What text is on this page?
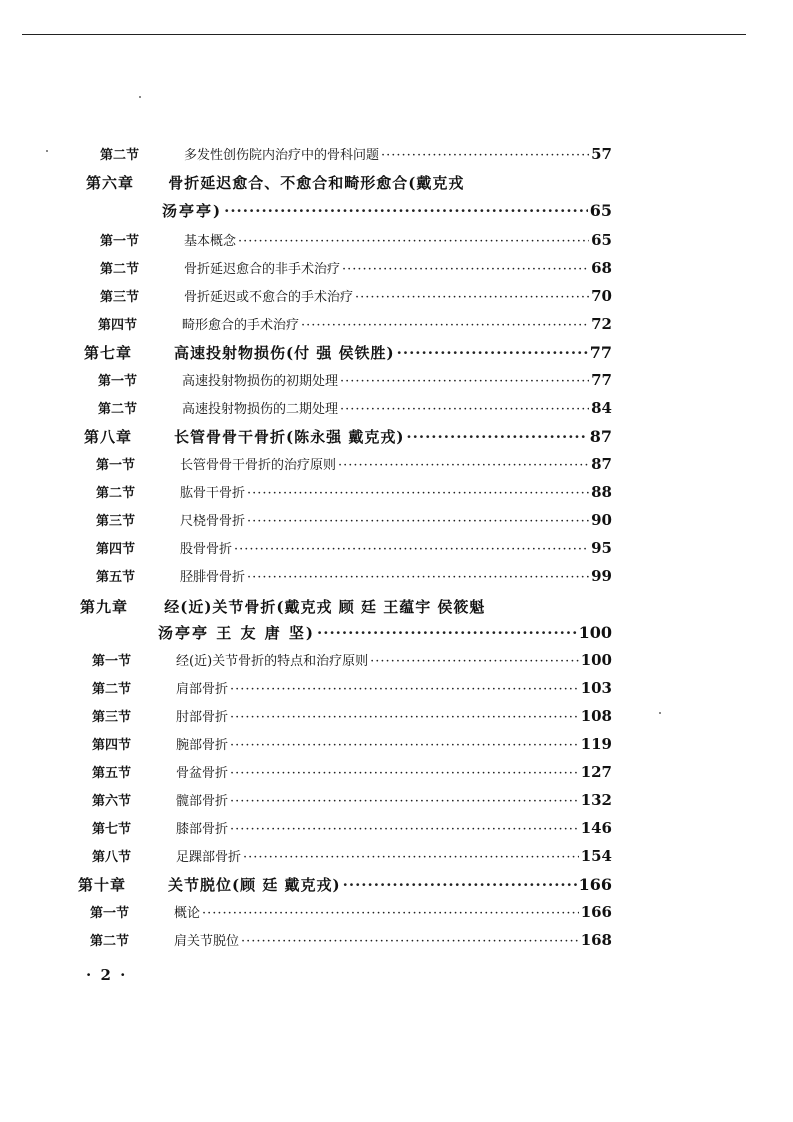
第二节	多发性创伤院内治疗中的骨科问题 ·····	57
第六章 骨折延迟愈合、不愈合和畸形愈合(戴克戎
汤亭亭) ·····	65
第一节	基本概念 ·····	65
第二节	骨折延迟愈合的非手术治疗 ·····	68
第三节	骨折延迟或不愈合的手术治疗 ·····	70
第四节	畸形愈合的手术治疗 ·····	72
第七章	高速投射物损伤(付 强 侯铁胜) ·····	77
第一节	高速投射物损伤的初期处理 ·····	77
第二节	高速投射物损伤的二期处理 ·····	84
第八章	长管骨骨干骨折(陈永强 戴克戎) ·····	87
第一节	长管骨骨干骨折的治疗原则 ·····	87
第二节	肱骨干骨折 ·····	88
第三节	尺桡骨骨折 ·····	90
第四节	股骨骨折 ·····	95
第五节	胫腓骨骨折 ·····	99
第九章 经(近)关节骨折(戴克戎 顾 廷 王蕴宇 侯筱魁
汤亭亭 王 友 唐 坚) ·····	100
第一节	经(近)关节骨折的特点和治疗原则 ·····	100
第二节	肩部骨折 ·····	103
第三节	肘部骨折 ·····	108
第四节	腕部骨折 ·····	119
第五节	骨盆骨折 ·····	127
第六节	髋部骨折 ·····	132
第七节	膝部骨折 ·····	146
第八节	足踝部骨折 ·····	154
第十章	关节脱位(顾 廷 戴克戎) ·····	166
第一节	概论 ·····	166
第二节	肩关节脱位 ·····	168
· 2 ·
